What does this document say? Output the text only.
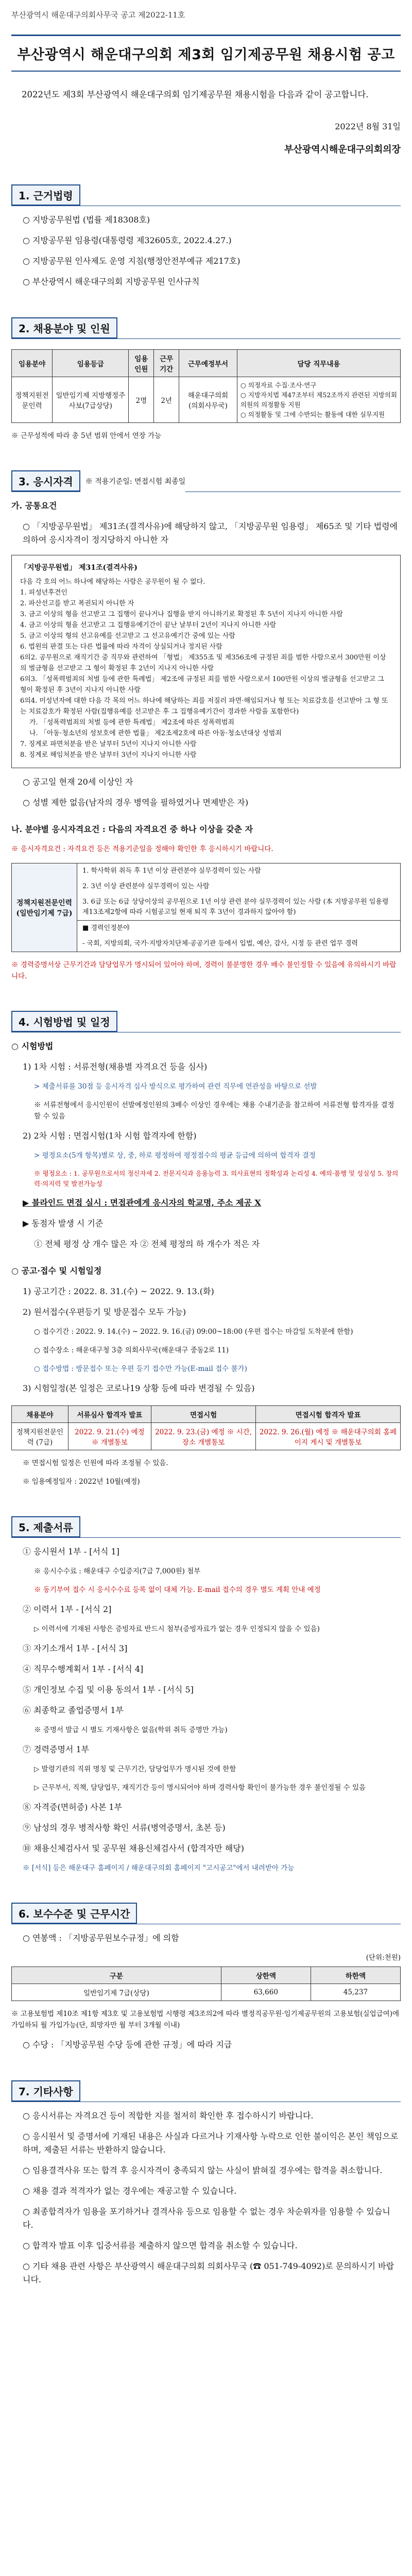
부산광역시 해운대구의회사무국 공고 제2022-11호
부산광역시 해운대구의회 제3회 임기제공무원 채용시험 공고

2022년도 제3회 부산광역시 해운대구의회 임기제공무원 채용시험을 다음과 같이 공고합니다.

2022년 8월 31일
부산광역시해운대구의회의장
1. 근거법령
○ 지방공무원법 (법률 제18308호)
○ 지방공무원 임용령(대통령령 제32605호, 2022.4.27.)
○ 지방공무원 인사제도 운영 지침(행정안전부예규 제217호)
○ 부산광역시 해운대구의회 지방공무원 인사규칙
2. 채용분야 및 인원
임용분야	임용등급	임용인원	근무기간	근무예정부서	담당 직무내용
정책지원전문인력	일반임기제 지방행정주사보(7급상당)	2명	2년	해운대구의회 (의회사무국)	○ 의정자료 수집·조사·연구
○ 지방자치법 제47조부터 제52조까지 관련된 지방의회 의원의 의정활동 지원
○ 의정활동 및 그에 수반되는 활동에 대한 실무지원
※ 근무성적에 따라 총 5년 범위 안에서 연장 가능
3. 응시자격	※ 적용기준일: 면접시험 최종일
가. 공통요건
○ 「지방공무원법」 제31조(결격사유)에 해당하지 않고, 「지방공무원 임용령」 제65조 및 기타 법령에 의하여 응시자격이 정지당하지 아니한 자
「지방공무원법」 제31조(결격사유)
다음 각 호의 어느 하나에 해당하는 사람은 공무원이 될 수 없다.
1. 피성년후견인
2. 파산선고를 받고 복권되지 아니한 자
3. 금고 이상의 형을 선고받고 그 집행이 끝나거나 집행을 받지 아니하기로 확정된 후 5년이 지나지 아니한 사람
4. 금고 이상의 형을 선고받고 그 집행유예기간이 끝난 날부터 2년이 지나지 아니한 사람
5. 금고 이상의 형의 선고유예를 선고받고 그 선고유예기간 중에 있는 사람
6. 법원의 판결 또는 다른 법률에 따라 자격이 상실되거나 정지된 사람
6의2. 공무원으로 재직기간 중 직무와 관련하여 「형법」 제355조 및 제356조에 규정된 죄를 범한 사람으로서 300만원 이상의 벌금형을 선고받고 그 형이 확정된 후 2년이 지나지 아니한 사람
6의3. 「성폭력범죄의 처벌 등에 관한 특례법」 제2조에 규정된 죄를 범한 사람으로서 100만원 이상의 벌금형을 선고받고 그 형이 확정된 후 3년이 지나지 아니한 사람
6의4. 미성년자에 대한 다음 각 목의 어느 하나에 해당하는 죄를 저질러 파면·해임되거나 형 또는 치료감호를 선고받아 그 형 또는 치료감호가 확정된 사람(집행유예를 선고받은 후 그 집행유예기간이 경과한 사람을 포함한다)
가. 「성폭력범죄의 처벌 등에 관한 특례법」 제2조에 따른 성폭력범죄
나. 「아동·청소년의 성보호에 관한 법률」 제2조제2호에 따른 아동·청소년대상 성범죄
7. 징계로 파면처분을 받은 날부터 5년이 지나지 아니한 사람
8. 징계로 해임처분을 받은 날부터 3년이 지나지 아니한 사람
○ 공고일 현재 20세 이상인 자
○ 성별 제한 없음(남자의 경우 병역을 필하였거나 면제받은 자)
나. 분야별 응시자격요건 : 다음의 자격요건 중 하나 이상을 갖춘 자
※ 응시자격요건 : 자격요건 등은 적용기준일을 정해야 확인한 후 응시하시기 바랍니다.
정책지원전문인력 (일반임기제 7급)
1. 학사학위 취득 후 1년 이상 관련분야 실무경력이 있는 사람
2. 3년 이상 관련분야 실무경력이 있는 사람
3. 6급 또는 6급 상당이상의 공무원으로 1년 이상 관련 분야 실무경력이 있는 사람 (本 지방공무원 임용령 제13조제2항에 따라 시험공고일 현재 퇴직 후 3년이 경과하지 않아야 함)
■ 경력인정분야
- 국회, 지방의회, 국가·지방자치단체·공공기관 등에서 입법, 예산, 감사, 시정 등 관련 업무 경력
※ 경력증명서상 근무기간과 담당업무가 명시되어 있어야 하며, 경력이 불분명한 경우 배수 불인정할 수 있음에 유의하시기 바랍니다.
4. 시험방법 및 일정
○ 시험방법
1) 1차 시험 : 서류전형(채용별 자격요건 등을 심사)
> 제출서류를 30점 등 응시자격 심사 방식으로 평가하여 관련 직무에 연관성을 바탕으로 선발
※ 서류전형에서 응시인원이 선발예정인원의 3배수 이상인 경우에는 채용 수내기준을 참고하여 서류전형 합격자를 결정할 수 있음
2) 2차 시험 : 면접시험(1차 시험 합격자에 한함)
> 평정요소(5개 항목)별로 상, 중, 하로 평정하여 평정점수의 평균 등급에 의하여 합격자 결정
※ 평정요소 : 1. 공무원으로서의 정신자세 2. 전문지식과 응용능력 3. 의사표현의 정확성과 논리성 4. 예의·품행 및 성실성 5. 창의력·의지력 및 발전가능성
▶ 블라인드 면접 실시 : 면접관에게 응시자의 학교명, 주소 제공 X
▶ 동점자 발생 시 기준
① 전체 평정 상 개수 많은 자 ② 전체 평정의 하 개수가 적은 자
○ 공고·접수 및 시험일정
1) 공고기간 : 2022. 8. 31.(수) ~ 2022. 9. 13.(화)
2) 원서접수(우편등기 및 방문접수 모두 가능)
○ 접수기간 : 2022. 9. 14.(수) ~ 2022. 9. 16.(금) 09:00~18:00 (우편 접수는 마감일 도착분에 한함)
○ 접수장소 : 해운대구청 3층 의회사무국(해운대구 중동2로 11)
○ 접수방법 : 방문접수 또는 우편 등기 접수만 가능(E-mail 접수 불가)
3) 시험일정(본 일정은 코로나19 상황 등에 따라 변경될 수 있음)
채용분야	서류심사 합격자 발표	면접시험	면접시험 합격자 발표
정책지원전문인력 (7급)	2022. 9. 21.(수) 예정 ※ 개별통보	2022. 9. 23.(금) 예정 ※ 시간, 장소 개별통보	2022. 9. 26.(월) 예정 ※ 해운대구의회 홈페이지 게시 및 개별통보
※ 면접시험 일정은 인원에 따라 조정될 수 있음.
※ 임용예정일자 : 2022년 10월(예정)
5. 제출서류
① 응시원서 1부 - [서식 1]
※ 응시수수료 : 해운대구 수입증지(7급 7,000원) 첨부
※ 동기부여 접수 시 응시수수료 등록 없이 대체 가능. E-mail 접수의 경우 별도 계획 안내 예정
② 이력서 1부 - [서식 2]
▷ 이력서에 기재된 사항은 증빙자료 반드시 첨부(증빙자료가 없는 경우 인정되지 않을 수 있음)
③ 자기소개서 1부 - [서식 3]
④ 직무수행계획서 1부 - [서식 4]
⑤ 개인정보 수집 및 이용 동의서 1부 - [서식 5]
⑥ 최종학교 졸업증명서 1부
※ 증명서 발급 시 별도 기재사항은 없음(학위 취득 증명만 가능)
⑦ 경력증명서 1부
▷ 발령기관의 직위 명칭 및 근무기간, 담당업무가 명시된 것에 한함
▷ 근무부서, 직책, 담당업무, 재직기간 등이 명시되어야 하며 경력사항 확인이 불가능한 경우 불인정될 수 있음
⑧ 자격증(면허증) 사본 1부
⑨ 남성의 경우 병적사항 확인 서류(병역증명서, 초본 등)
⑩ 채용신체검사서 및 공무원 채용신체검사서 (합격자만 해당)
※ [서식] 등은 해운대구 홈페이지 / 해운대구의회 홈페이지 "고시공고"에서 내려받아 가능
6. 보수수준 및 근무시간
○ 연봉액 : 「지방공무원보수규정」에 의함
(단위:천원)
구분	상한액	하한액
일반임기제 7급(상당)	63,660	45,237
※ 고용보험법 제10조 제1항 제3호 및 고용보험법 시행령 제3조의2에 따라 별정직공무원·임기제공무원의 고용보험(실업급여)에 가입하되 월 가입가능(단, 희망자만 월 부터 3개월 이내)
○ 수당 : 「지방공무원 수당 등에 관한 규정」에 따라 지급
7. 기타사항
○ 응시서류는 자격요건 등이 적합한 지를 철저히 확인한 후 접수하시기 바랍니다.
○ 응시원서 및 증명서에 기재된 내용은 사실과 다르거나 기재사항 누락으로 인한 불이익은 본인 책임으로 하며, 제출된 서류는 반환하지 않습니다.
○ 임용결격사유 또는 합격 후 응시자격이 충족되지 않는 사실이 밝혀질 경우에는 합격을 취소합니다.
○ 채용 결과 적격자가 없는 경우에는 재공고할 수 있습니다.
○ 최종합격자가 임용을 포기하거나 결격사유 등으로 임용할 수 없는 경우 차순위자를 임용할 수 있습니다.
○ 합격자 발표 이후 입증서류를 제출하지 않으면 합격을 취소할 수 있습니다.
○ 기타 채용 관련 사항은 부산광역시 해운대구의회 의회사무국 (☎ 051-749-4092)로 문의하시기 바랍니다.
